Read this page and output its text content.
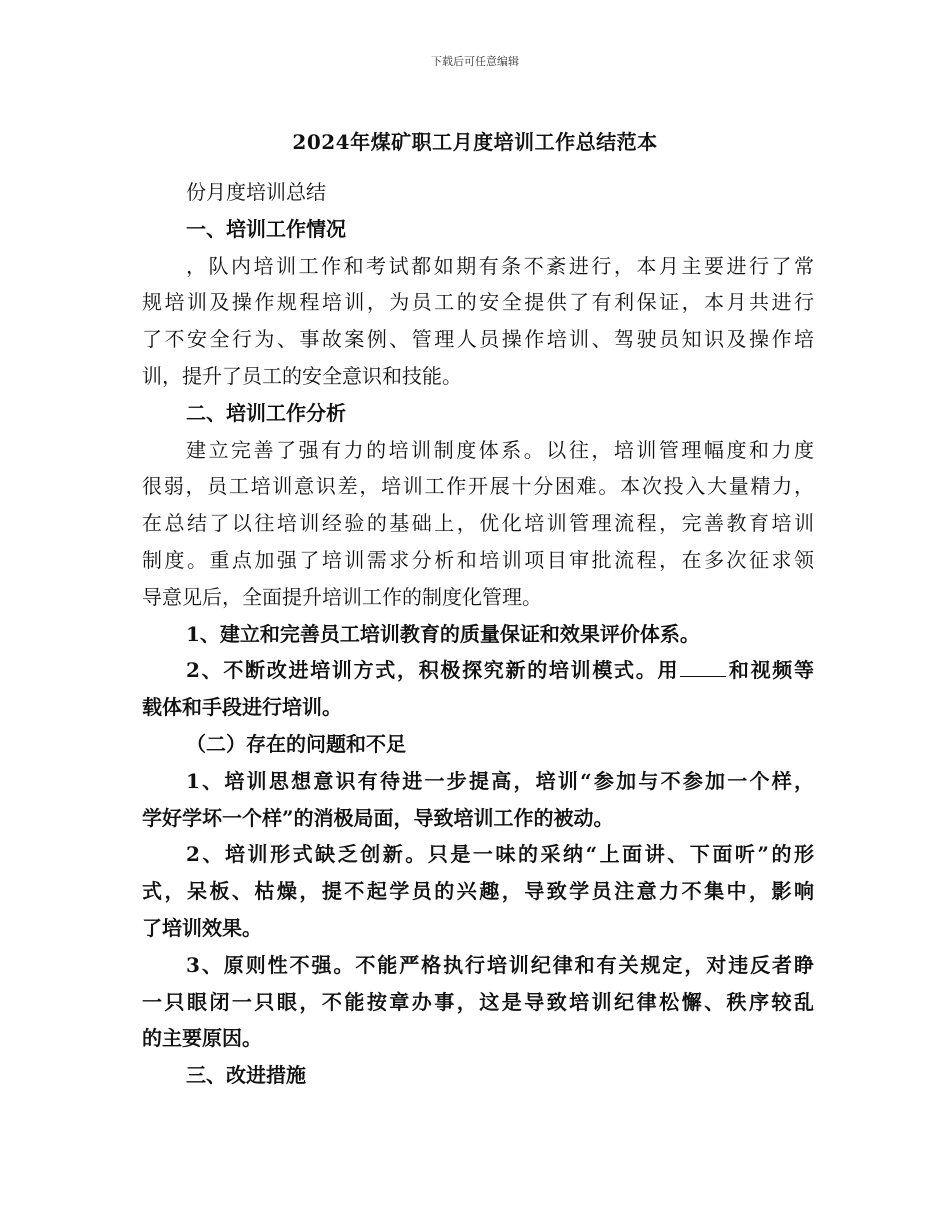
下载后可任意编辑
2024年煤矿职工月度培训工作总结范本
份月度培训总结
一、培训工作情况
，队内培训工作和考试都如期有条不紊进行，本月主要进行了常
规培训及操作规程培训，为员工的安全提供了有利保证，本月共进行
了不安全行为、事故案例、管理人员操作培训、驾驶员知识及操作培
训，提升了员工的安全意识和技能。
二、培训工作分析
建立完善了强有力的培训制度体系。以往，培训管理幅度和力度
很弱，员工培训意识差，培训工作开展十分困难。本次投入大量精力，
在总结了以往培训经验的基础上，优化培训管理流程，完善教育培训
制度。重点加强了培训需求分析和培训项目审批流程，在多次征求领
导意见后，全面提升培训工作的制度化管理。
1、建立和完善员工培训教育的质量保证和效果评价体系。
2、不断改进培训方式，积极探究新的培训模式。用 和视频等
载体和手段进行培训。
（二）存在的问题和不足
1、培训思想意识有待进一步提高，培训“参加与不参加一个样，
学好学坏一个样”的消极局面，导致培训工作的被动。
2、培训形式缺乏创新。只是一味的采纳“上面讲、下面听”的形
式，呆板、枯燥，提不起学员的兴趣，导致学员注意力不集中，影响
了培训效果。
3、原则性不强。不能严格执行培训纪律和有关规定，对违反者睁
一只眼闭一只眼，不能按章办事，这是导致培训纪律松懈、秩序较乱
的主要原因。
三、改进措施
